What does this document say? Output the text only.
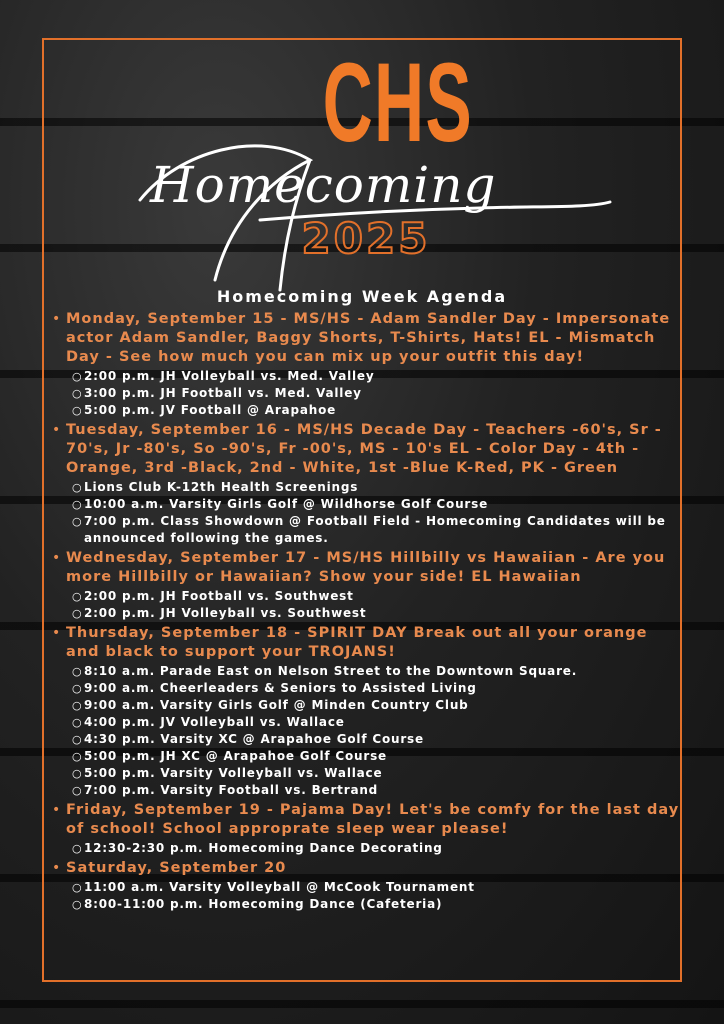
CHS
Homecoming
2025
Homecoming Week Agenda
• Monday, September 15 - MS/HS - Adam Sandler Day - Impersonate actor Adam Sandler, Baggy Shorts, T-Shirts, Hats! EL - Mismatch Day - See how much you can mix up your outfit this day!
○ 2:00 p.m. JH Volleyball vs. Med. Valley
○ 3:00 p.m. JH Football vs. Med. Valley
○ 5:00 p.m. JV Football @ Arapahoe
• Tuesday, September 16 - MS/HS Decade Day - Teachers -60's, Sr - 70's, Jr -80's, So -90's, Fr -00's, MS - 10's EL - Color Day - 4th -Orange, 3rd -Black, 2nd - White, 1st -Blue K-Red, PK - Green
○ Lions Club K-12th Health Screenings
○ 10:00 a.m. Varsity Girls Golf @ Wildhorse Golf Course
○ 7:00 p.m. Class Showdown @ Football Field - Homecoming Candidates will be announced following the games.
• Wednesday, September 17 - MS/HS Hillbilly vs Hawaiian - Are you more Hillbilly or Hawaiian? Show your side! EL Hawaiian
○ 2:00 p.m. JH Football vs. Southwest
○ 2:00 p.m. JH Volleyball vs. Southwest
• Thursday, September 18 - SPIRIT DAY Break out all your orange and black to support your TROJANS!
○ 8:10 a.m. Parade East on Nelson Street to the Downtown Square.
○ 9:00 a.m. Cheerleaders & Seniors to Assisted Living
○ 9:00 a.m. Varsity Girls Golf @ Minden Country Club
○ 4:00 p.m. JV Volleyball vs. Wallace
○ 4:30 p.m. Varsity XC @ Arapahoe Golf Course
○ 5:00 p.m. JH XC @ Arapahoe Golf Course
○ 5:00 p.m. Varsity Volleyball vs. Wallace
○ 7:00 p.m. Varsity Football vs. Bertrand
• Friday, September 19 - Pajama Day! Let's be comfy for the last day of school! School approprate sleep wear please!
○ 12:30-2:30 p.m. Homecoming Dance Decorating
• Saturday, September 20
○ 11:00 a.m. Varsity Volleyball @ McCook Tournament
○ 8:00-11:00 p.m. Homecoming Dance (Cafeteria)
